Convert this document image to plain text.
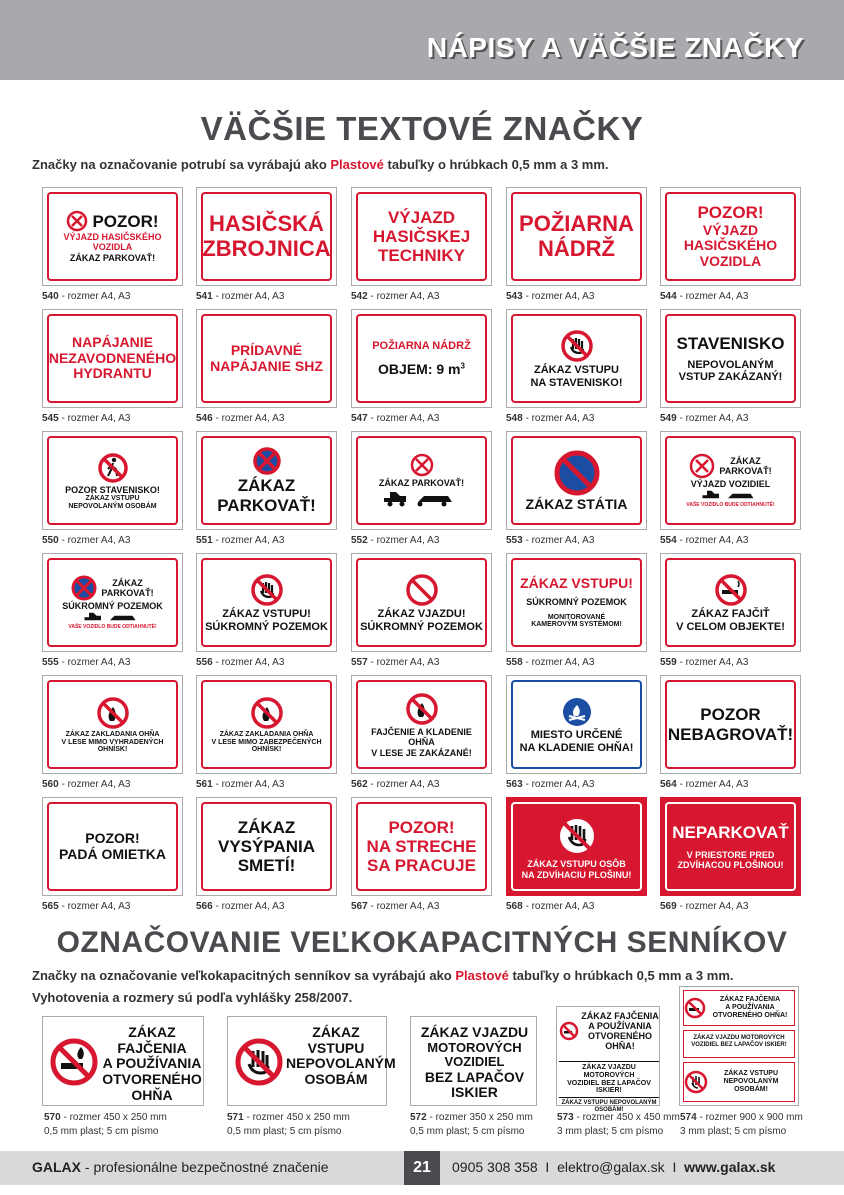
NÁPISY A VÄČŠIE ZNAČKY
VÄČŠIE TEXTOVÉ ZNAČKY
Značky na označovanie potrubí sa vyrábajú ako Plastové tabuľky o hrúbkach 0,5 mm a 3 mm.
POZOR!
VÝJAZD HASIČSKÉHO
VOZIDLA
ZÁKAZ PARKOVAŤ!
HASIČSKÁ
ZBROJNICA
VÝJAZD
HASIČSKEJ
TECHNIKY
POŽIARNA
NÁDRŽ
POZOR!
VÝJAZD
HASIČSKÉHO
VOZIDLA
NAPÁJANIE
NEZAVODNENÉHO
HYDRANTU
PRÍDAVNÉ
NAPÁJANIE SHZ
POŽIARNA NÁDRŽ
OBJEM: 9 $m^3$	ZÁKAZ VSTUPU
NA STAVENISKO!
STAVENISKO
NEPOVOLANÝM
VSTUP ZAKÁZANÝ!
POZOR STAVENISKO!
ZÁKAZ VSTUPU
NEPOVOLANÝM OSOBÁM
ZÁKAZ
PARKOVAŤ!
ZÁKAZ PARKOVAŤ!
ZÁKAZ STÁTIA
ZÁKAZ
PARKOVAŤ!
VÝJAZD VOZIDIEL
VAŠE VOZIDLO BUDE ODTIAHNUTÉ!
ZÁKAZ
PARKOVAŤ!
SÚKROMNÝ POZEMOK
VAŠE VOZIDLO BUDE ODTIAHNUTÉ!
ZÁKAZ VSTUPU!
SÚKROMNÝ POZEMOK
ZÁKAZ VJAZDU!
SÚKROMNÝ POZEMOK
ZÁKAZ VSTUPU!
SÚKROMNÝ POZEMOK
MONITOROVANÉ
KAMEROVÝM SYSTÉMOM!
ZÁKAZ FAJČIŤ
V CELOM OBJEKTE!
ZÁKAZ ZAKLADANIA OHŇA
V LESE MIMO VYHRADENÝCH
OHNÍSK!
ZÁKAZ ZAKLADANIA OHŇA
V LESE MIMO ZABEZPEČENÝCH
OHNÍSK!
FAJČENIE A KLADENIE OHŇA
V LESE JE ZAKÁZANÉ!
MIESTO URČENÉ
NA KLADENIE OHŇA!
POZOR
NEBAGROVAŤ!
POZOR!
PADÁ OMIETKA
ZÁKAZ
VYSÝPANIA
SMETÍ!
POZOR!
NA STRECHE
SA PRACUJE	ZÁKAZ VSTUPU OSÔB
NA ZDVÍHACIU PLOŠINU!
NEPARKOVAŤ
V PRIESTORE PRED
ZDVÍHACOU PLOŠINOU!
540 - rozmer A4, A3	541 - rozmer A4, A3	542 - rozmer A4, A3	543 - rozmer A4, A3	544 - rozmer A4, A3
545 - rozmer A4, A3	546 - rozmer A4, A3	547 - rozmer A4, A3	548 - rozmer A4, A3	549 - rozmer A4, A3
550 - rozmer A4, A3	551 - rozmer A4, A3	552 - rozmer A4, A3	553 - rozmer A4, A3	554 - rozmer A4, A3
555 - rozmer A4, A3	556 - rozmer A4, A3	557 - rozmer A4, A3	558 - rozmer A4, A3	559 - rozmer A4, A3
560 - rozmer A4, A3	561 - rozmer A4, A3	562 - rozmer A4, A3	563 - rozmer A4, A3	564 - rozmer A4, A3
565 - rozmer A4, A3	566 - rozmer A4, A3	567 - rozmer A4, A3	568 - rozmer A4, A3	569 - rozmer A4, A3
OZNAČOVANIE VEĽKOKAPACITNÝCH SENNÍKOV
Značky na označovanie veľkokapacitných senníkov sa vyrábajú ako Plastové tabuľky o hrúbkach 0,5 mm a 3 mm.
Vyhotovenia a rozmery sú podľa vyhlášky 258/2007.
ZÁKAZ FAJČENIA
A POUŽÍVANIA
OTVORENÉHO OHŇA
ZÁKAZ VSTUPU
NEPOVOLANÝM
OSOBÁM
ZÁKAZ VJAZDU
MOTOROVÝCH VOZIDIEL
BEZ LAPAČOV ISKIER
ZÁKAZ FAJČENIA
A POUŽÍVANIA
OTVORENÉHO OHŇA!
ZÁKAZ VJAZDU MOTOROVÝCH
VOZIDIEL BEZ LAPAČOV ISKIER!
ZÁKAZ VSTUPU NEPOVOLANÝM OSOBÁM!
ZÁKAZ FAJČENIA
A POUŽÍVANIA
OTVORENÉHO OHŇA!
ZÁKAZ VJAZDU MOTOROVÝCH
VOZIDIEL BEZ LAPAČOV ISKIER!
ZÁKAZ VSTUPU
NEPOVOLANÝM
OSOBÁM!
570 - rozmer 450 x 250 mm
0,5 mm plast; 5 cm písmo
571 - rozmer 450 x 250 mm
0,5 mm plast; 5 cm písmo
572 - rozmer 350 x 250 mm
0,5 mm plast; 5 cm písmo
573 - rozmer 450 x 450 mm
3 mm plast; 5 cm písmo
574 - rozmer 900 x 900 mm
3 mm plast; 5 cm písmo
GALAX - profesionálne bezpečnostné značenie	21	0905 308 358  I  elektro@galax.sk  I  www.galax.sk
